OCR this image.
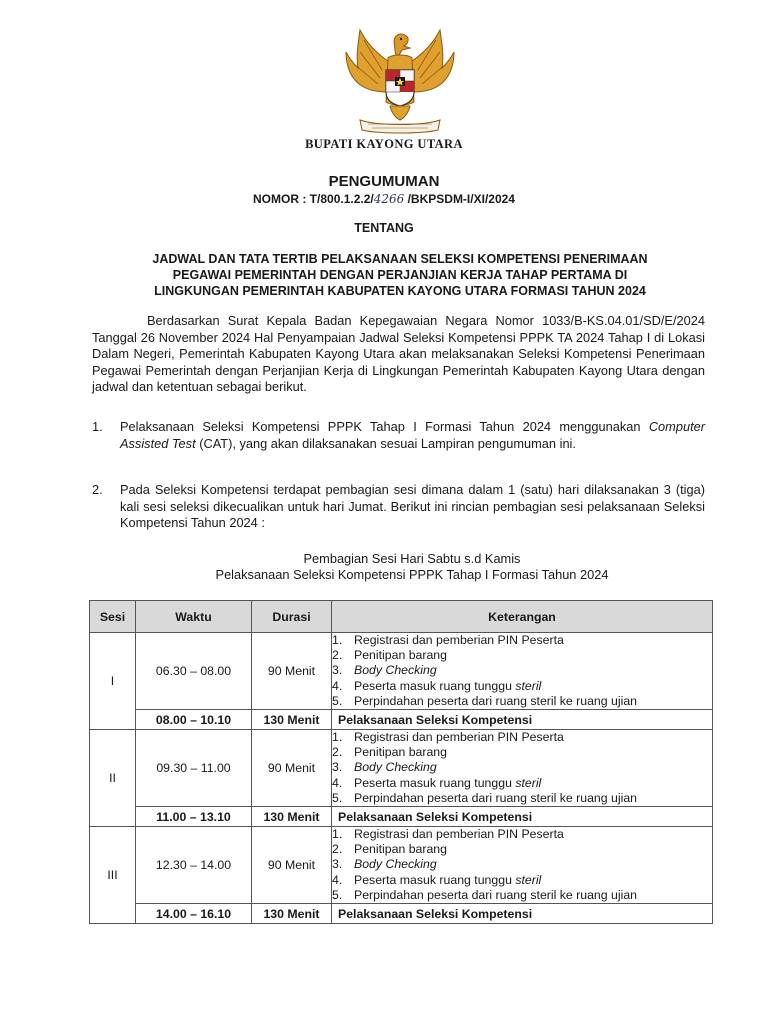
BUPATI KAYONG UTARA
PENGUMUMAN
NOMOR : T/800.1.2.2/4266 /BKPSDM-I/XI/2024
TENTANG
JADWAL DAN TATA TERTIB PELAKSANAAN SELEKSI KOMPETENSI PENERIMAAN
PEGAWAI PEMERINTAH DENGAN PERJANJIAN KERJA TAHAP PERTAMA DI
LINGKUNGAN PEMERINTAH KABUPATEN KAYONG UTARA FORMASI TAHUN 2024
Berdasarkan Surat Kepala Badan Kepegawaian Negara Nomor 1033/B-KS.04.01/SD/E/2024 Tanggal 26 November 2024 Hal Penyampaian Jadwal Seleksi Kompetensi PPPK TA 2024 Tahap I di Lokasi Dalam Negeri, Pemerintah Kabupaten Kayong Utara akan melaksanakan Seleksi Kompetensi Penerimaan Pegawai Pemerintah dengan Perjanjian Kerja di Lingkungan Pemerintah Kabupaten Kayong Utara dengan jadwal dan ketentuan sebagai berikut.
1. Pelaksanaan Seleksi Kompetensi PPPK Tahap I Formasi Tahun 2024 menggunakan Computer Assisted Test (CAT), yang akan dilaksanakan sesuai Lampiran pengumuman ini.
2. Pada Seleksi Kompetensi terdapat pembagian sesi dimana dalam 1 (satu) hari dilaksanakan 3 (tiga) kali sesi seleksi dikecualikan untuk hari Jumat. Berikut ini rincian pembagian sesi pelaksanaan Seleksi Kompetensi Tahun 2024 :
Pembagian Sesi Hari Sabtu s.d Kamis
Pelaksanaan Seleksi Kompetensi PPPK Tahap I Formasi Tahun 2024
Sesi	Waktu	Durasi	Keterangan
I	06.30 – 08.00	90 Menit	1. Registrasi dan pemberian PIN Peserta
2. Penitipan barang
3. Body Checking
4. Peserta masuk ruang tunggu steril
5. Perpindahan peserta dari ruang steril ke ruang ujian

	08.00 – 10.10	130 Menit	Pelaksanaan Seleksi Kompetensi
II	09.30 – 11.00	90 Menit	1. Registrasi dan pemberian PIN Peserta
2. Penitipan barang
3. Body Checking
4. Peserta masuk ruang tunggu steril
5. Perpindahan peserta dari ruang steril ke ruang ujian

	11.00 – 13.10	130 Menit	Pelaksanaan Seleksi Kompetensi
III	12.30 – 14.00	90 Menit	1. Registrasi dan pemberian PIN Peserta
2. Penitipan barang
3. Body Checking
4. Peserta masuk ruang tunggu steril
5. Perpindahan peserta dari ruang steril ke ruang ujian

	14.00 – 16.10	130 Menit	Pelaksanaan Seleksi Kompetensi
